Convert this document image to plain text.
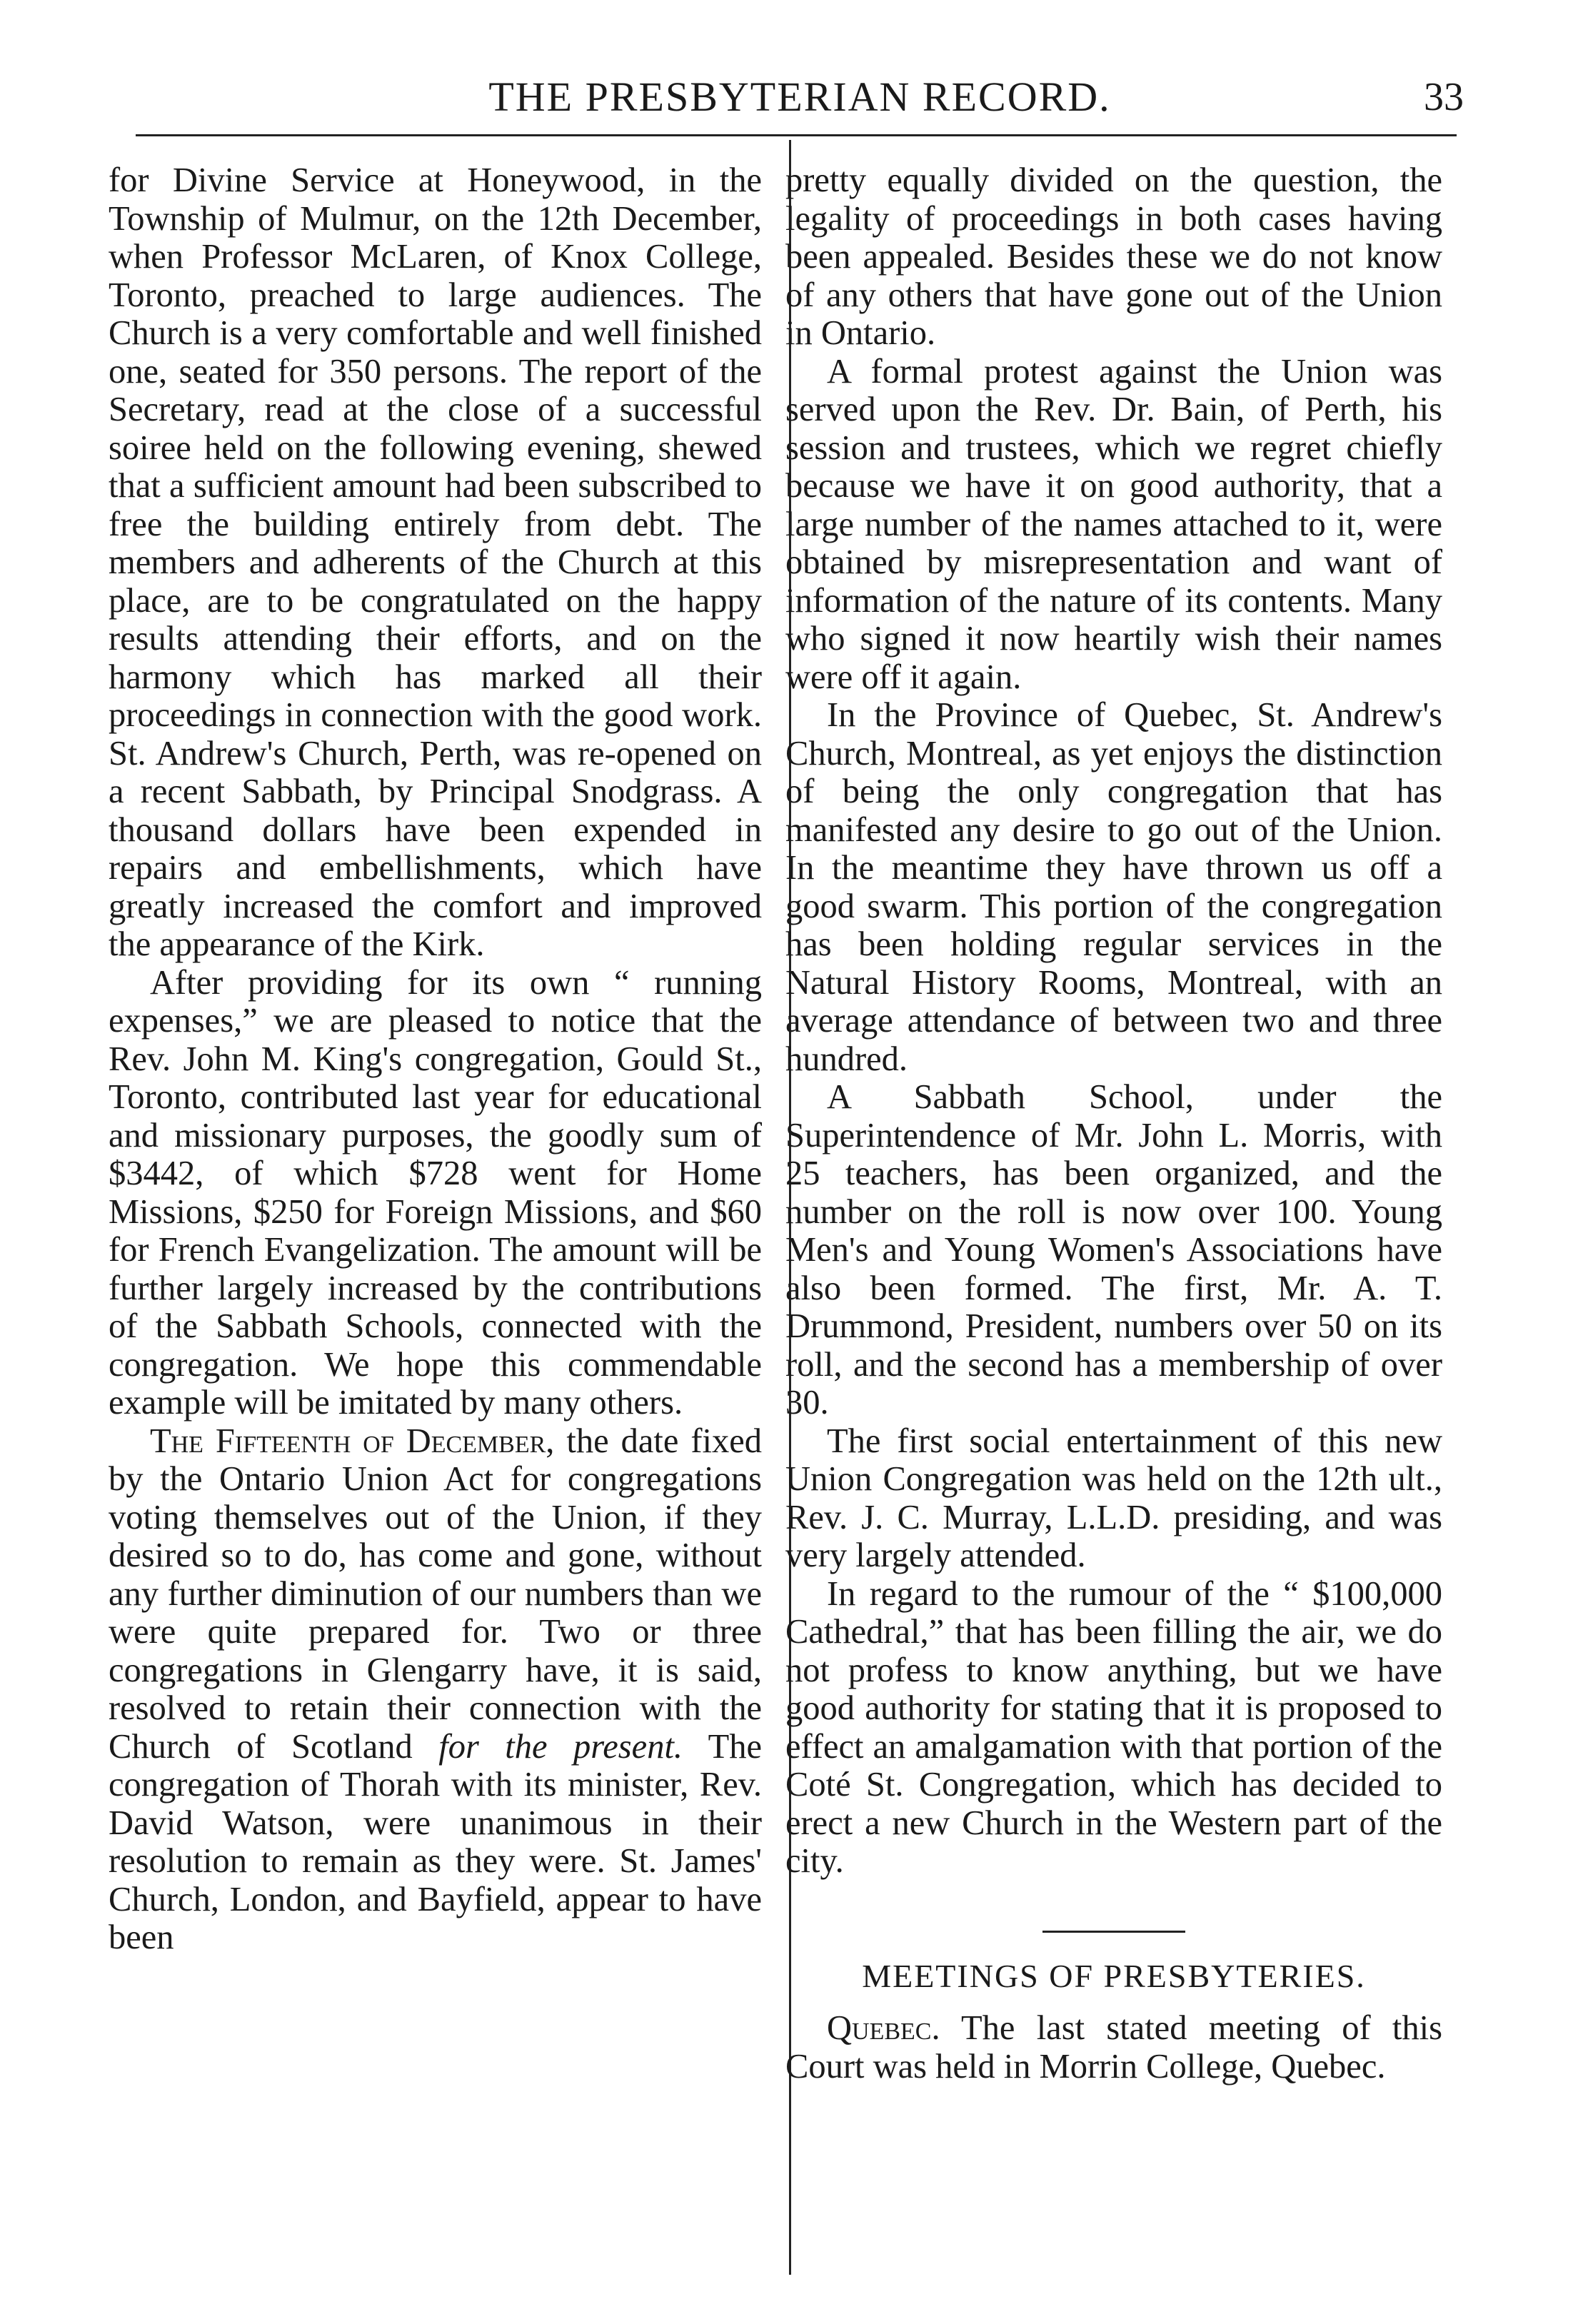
THE PRESBYTERIAN RECORD.	33

for Divine Service at Honeywood, in the Township of Mulmur, on the 12th December, when Professor McLaren, of Knox College, Toronto, preached to large audiences. The Church is a very comfortable and well finished one, seated for 350 persons. The report of the Secretary, read at the close of a successful soiree held on the following evening, shewed that a sufficient amount had been subscribed to free the building entirely from debt. The members and adherents of the Church at this place, are to be congratulated on the happy results attending their efforts, and on the harmony which has marked all their proceedings in connection with the good work. St. Andrew's Church, Perth, was re-opened on a recent Sabbath, by Principal Snodgrass. A thousand dollars have been expended in repairs and embellishments, which have greatly increased the comfort and improved the appearance of the Kirk.

After providing for its own “ running expenses,” we are pleased to notice that the Rev. John M. King's congregation, Gould St., Toronto, contributed last year for educational and missionary purposes, the goodly sum of $3442, of which $728 went for Home Missions, $250 for Foreign Missions, and $60 for French Evangelization. The amount will be further largely increased by the contributions of the Sabbath Schools, connected with the congregation. We hope this commendable example will be imitated by many others.

The Fifteenth of December, the date fixed by the Ontario Union Act for congregations voting themselves out of the Union, if they desired so to do, has come and gone, without any further diminution of our numbers than we were quite prepared for. Two or three congregations in Glengarry have, it is said, resolved to retain their connection with the Church of Scotland for the present. The congregation of Thorah with its minister, Rev. David Watson, were unanimous in their resolution to remain as they were. St. James' Church, London, and Bayfield, appear to have been

pretty equally divided on the question, the legality of proceedings in both cases having been appealed. Besides these we do not know of any others that have gone out of the Union in Ontario.

A formal protest against the Union was served upon the Rev. Dr. Bain, of Perth, his session and trustees, which we regret chiefly because we have it on good authority, that a large number of the names attached to it, were obtained by misrepresentation and want of information of the nature of its contents. Many who signed it now heartily wish their names were off it again.

In the Province of Quebec, St. Andrew's Church, Montreal, as yet enjoys the distinction of being the only congregation that has manifested any desire to go out of the Union. In the meantime they have thrown us off a good swarm. This portion of the congregation has been holding regular services in the Natural History Rooms, Montreal, with an average attendance of between two and three hundred.

A Sabbath School, under the Superintendence of Mr. John L. Morris, with 25 teachers, has been organized, and the number on the roll is now over 100. Young Men's and Young Women's Associations have also been formed. The first, Mr. A. T. Drummond, President, numbers over 50 on its roll, and the second has a membership of over 30.

The first social entertainment of this new Union Congregation was held on the 12th ult., Rev. J. C. Murray, L.L.D. presiding, and was very largely attended.

In regard to the rumour of the “ $100,000 Cathedral,” that has been filling the air, we do not profess to know anything, but we have good authority for stating that it is proposed to effect an amalgamation with that portion of the Coté St. Congregation, which has decided to erect a new Church in the Western part of the city.

MEETINGS OF PRESBYTERIES.

Quebec. The last stated meeting of this Court was held in Morrin College, Quebec.
